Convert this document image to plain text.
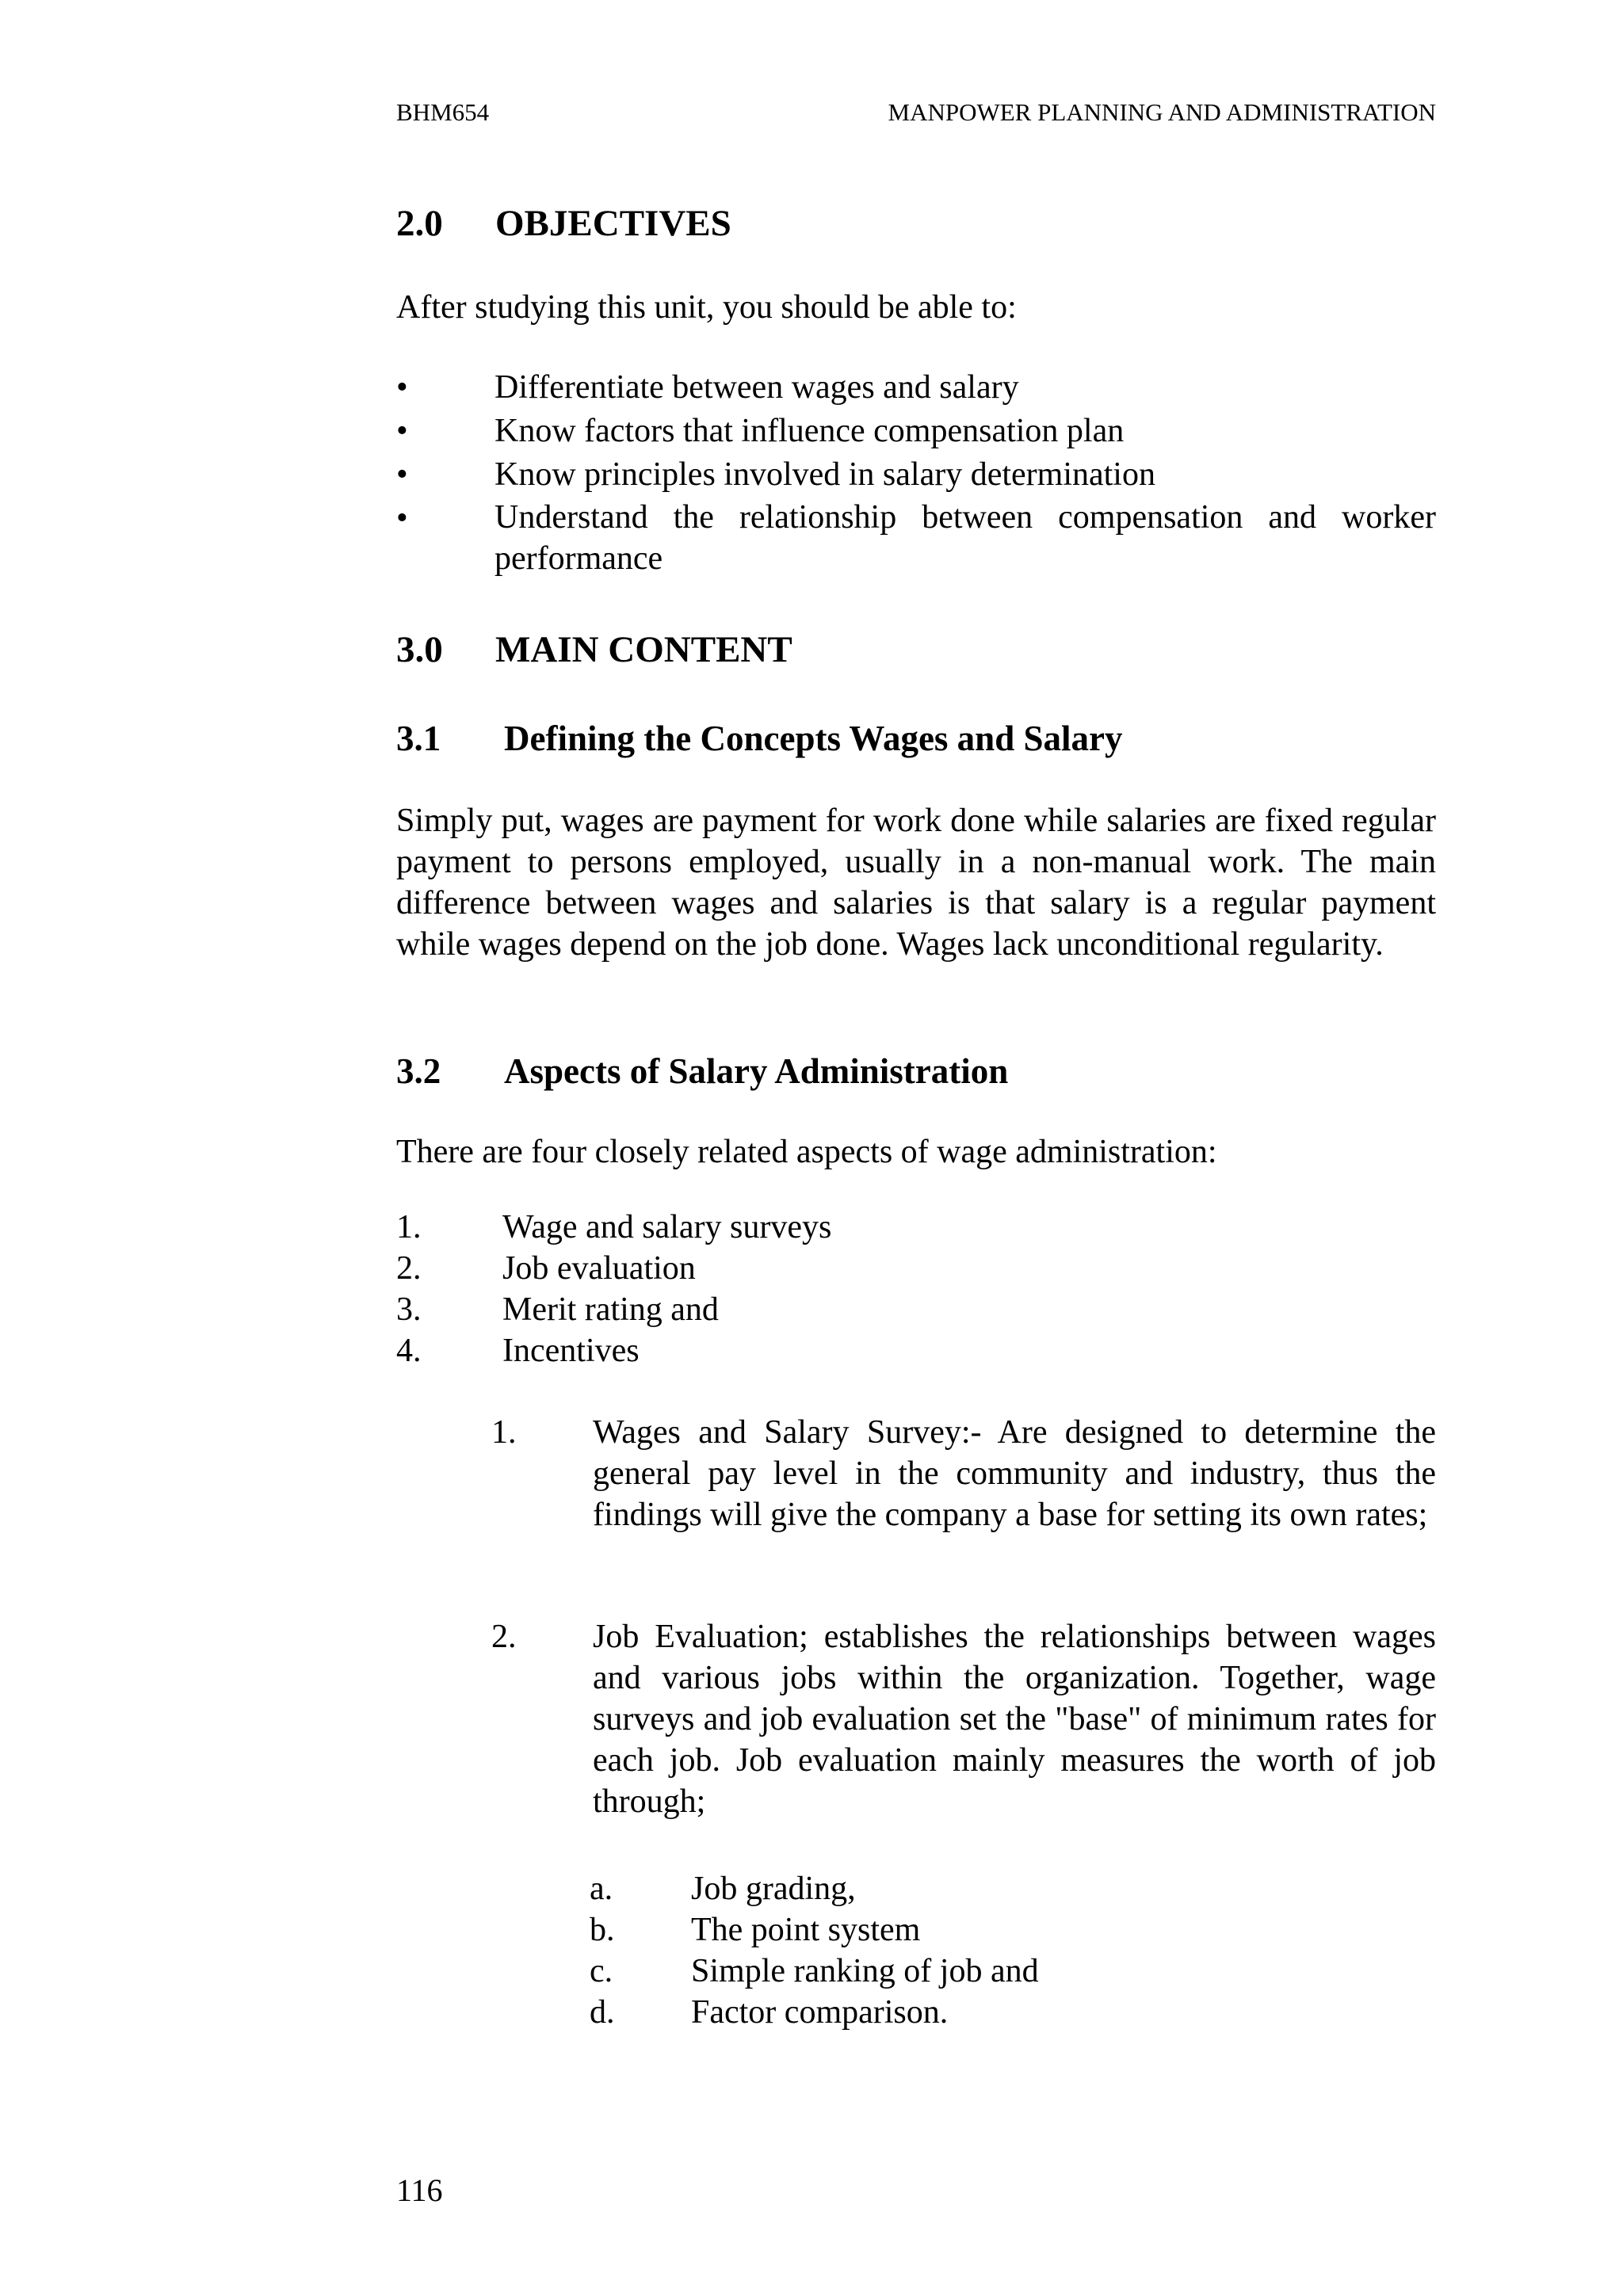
BHM654	MANPOWER PLANNING AND ADMINISTRATION
2.0 OBJECTIVES
After studying this unit, you should be able to:
•	Differentiate between wages and salary
•	Know factors that influence compensation plan
•	Know principles involved in salary determination
•	Understand the relationship between compensation and worker performance
3.0 MAIN CONTENT
3.1 Defining the Concepts Wages and Salary
Simply put, wages are payment for work done while salaries are fixed regular payment to persons employed, usually in a non-manual work. The main difference between wages and salaries is that salary is a regular payment while wages depend on the job done. Wages lack unconditional regularity.
3.2 Aspects of Salary Administration
There are four closely related aspects of wage administration:
1. Wage and salary surveys
2. Job evaluation
3. Merit rating and
4. Incentives
1. Wages and Salary Survey:- Are designed to determine the general pay level in the community and industry, thus the findings will give the company a base for setting its own rates;
2. Job Evaluation; establishes the relationships between wages and various jobs within the organization. Together, wage surveys and job evaluation set the "base" of minimum rates for each job. Job evaluation mainly measures the worth of job through;
a. Job grading,
b. The point system
c. Simple ranking of job and
d. Factor comparison.
116
